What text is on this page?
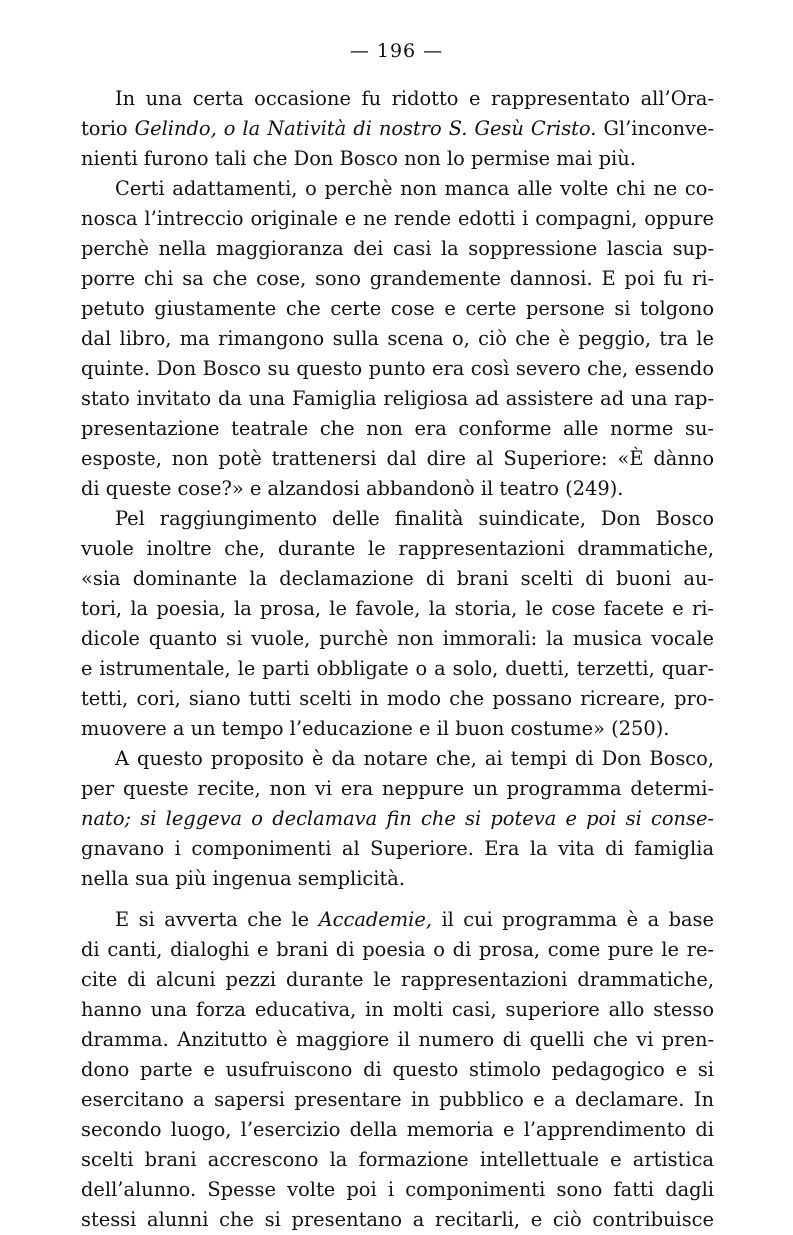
— 196 —
In una certa occasione fu ridotto e rappresentato all’Ora-
torio Gelindo, o la Natività di nostro S. Gesù Cristo. Gl’inconve-
nienti furono tali che Don Bosco non lo permise mai più.
Certi adattamenti, o perchè non manca alle volte chi ne co-
nosca l’intreccio originale e ne rende edotti i compagni, oppure
perchè nella maggioranza dei casi la soppressione lascia sup-
porre chi sa che cose, sono grandemente dannosi. E poi fu ri-
petuto giustamente che certe cose e certe persone si tolgono
dal libro, ma rimangono sulla scena o, ciò che è peggio, tra le
quinte. Don Bosco su questo punto era così severo che, essendo
stato invitato da una Famiglia religiosa ad assistere ad una rap-
presentazione teatrale che non era conforme alle norme su-
esposte, non potè trattenersi dal dire al Superiore: «È dànno
di queste cose?» e alzandosi abbandonò il teatro (249).
Pel raggiungimento delle finalità suindicate, Don Bosco
vuole inoltre che, durante le rappresentazioni drammatiche,
«sia dominante la declamazione di brani scelti di buoni au-
tori, la poesia, la prosa, le favole, la storia, le cose facete e ri-
dicole quanto si vuole, purchè non immorali: la musica vocale
e istrumentale, le parti obbligate o a solo, duetti, terzetti, quar-
tetti, cori, siano tutti scelti in modo che possano ricreare, pro-
muovere a un tempo l’educazione e il buon costume» (250).
A questo proposito è da notare che, ai tempi di Don Bosco,
per queste recite, non vi era neppure un programma determi-
nato; si leggeva o declamava fin che si poteva e poi si conse-
gnavano i componimenti al Superiore. Era la vita di famiglia
nella sua più ingenua semplicità.
E si avverta che le Accademie, il cui programma è a base
di canti, dialoghi e brani di poesia o di prosa, come pure le re-
cite di alcuni pezzi durante le rappresentazioni drammatiche,
hanno una forza educativa, in molti casi, superiore allo stesso
dramma. Anzitutto è maggiore il numero di quelli che vi pren-
dono parte e usufruiscono di questo stimolo pedagogico e si
esercitano a sapersi presentare in pubblico e a declamare. In
secondo luogo, l’esercizio della memoria e l’apprendimento di
scelti brani accrescono la formazione intellettuale e artistica
dell’alunno. Spesse volte poi i componimenti sono fatti dagli
stessi alunni che si presentano a recitarli, e ciò contribuisce
